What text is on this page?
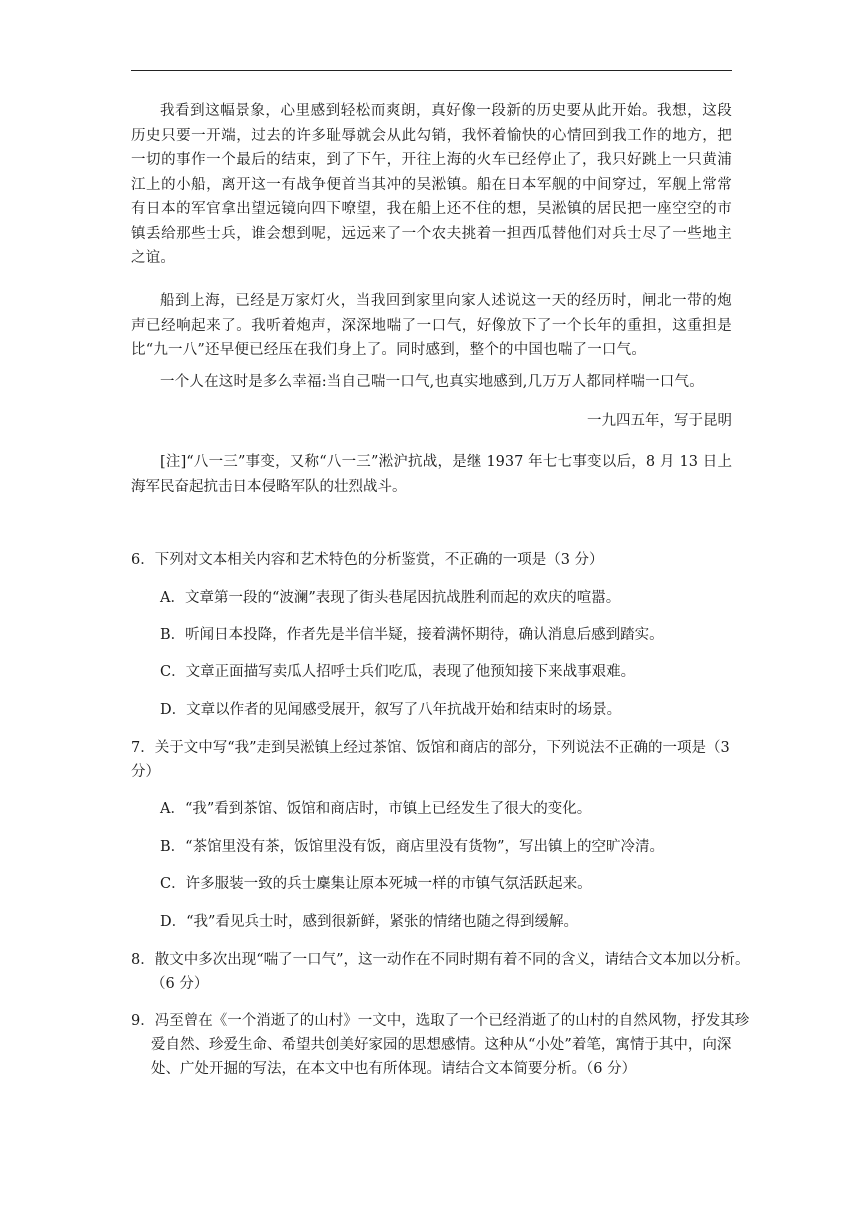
我看到这幅景象，心里感到轻松而爽朗，真好像一段新的历史要从此开始。我想，这段历史只要一开端，过去的许多耻辱就会从此勾销，我怀着愉快的心情回到我工作的地方，把一切的事作一个最后的结束，到了下午，开往上海的火车已经停止了，我只好跳上一只黄浦江上的小船，离开这一有战争便首当其冲的吴淞镇。船在日本军舰的中间穿过，军舰上常常有日本的军官拿出望远镜向四下嘹望，我在船上还不住的想，吴淞镇的居民把一座空空的市镇丢给那些士兵，谁会想到呢，远远来了一个农夫挑着一担西瓜替他们对兵士尽了一些地主之谊。

船到上海，已经是万家灯火，当我回到家里向家人述说这一天的经历时，闸北一带的炮声已经响起来了。我听着炮声，深深地喘了一口气，好像放下了一个长年的重担，这重担是比“九一八”还早便已经压在我们身上了。同时感到，整个的中国也喘了一口气。

一个人在这时是多么幸福:当自己喘一口气,也真实地感到,几万万人都同样喘一口气。

一九四五年，写于昆明

[注]“八一三”事变，又称“八一三”淞沪抗战，是继 1937 年七七事变以后，8 月 13 日上海军民奋起抗击日本侵略军队的壮烈战斗。

6．下列对文本相关内容和艺术特色的分析鉴赏，不正确的一项是（3 分）

A．文章第一段的“波澜”表现了街头巷尾因抗战胜利而起的欢庆的喧嚣。

B．听闻日本投降，作者先是半信半疑，接着满怀期待，确认消息后感到踏实。

C．文章正面描写卖瓜人招呼士兵们吃瓜，表现了他预知接下来战事艰难。

D．文章以作者的见闻感受展开，叙写了八年抗战开始和结束时的场景。

7．关于文中写“我”走到吴淞镇上经过茶馆、饭馆和商店的部分，下列说法不正确的一项是（3 分）

A．“我”看到茶馆、饭馆和商店时，市镇上已经发生了很大的变化。

B．“茶馆里没有茶，饭馆里没有饭，商店里没有货物”，写出镇上的空旷冷清。

C．许多服装一致的兵士麇集让原本死城一样的市镇气氛活跃起来。

D．“我”看见兵士时，感到很新鲜，紧张的情绪也随之得到缓解。

8．散文中多次出现“喘了一口气”，这一动作在不同时期有着不同的含义，请结合文本加以分析。（6 分）

9．冯至曾在《一个消逝了的山村》一文中，选取了一个已经消逝了的山村的自然风物，抒发其珍爱自然、珍爱生命、希望共创美好家园的思想感情。这种从“小处”着笔，寓情于其中，向深处、广处开掘的写法，在本文中也有所体现。请结合文本简要分析。（6 分）
